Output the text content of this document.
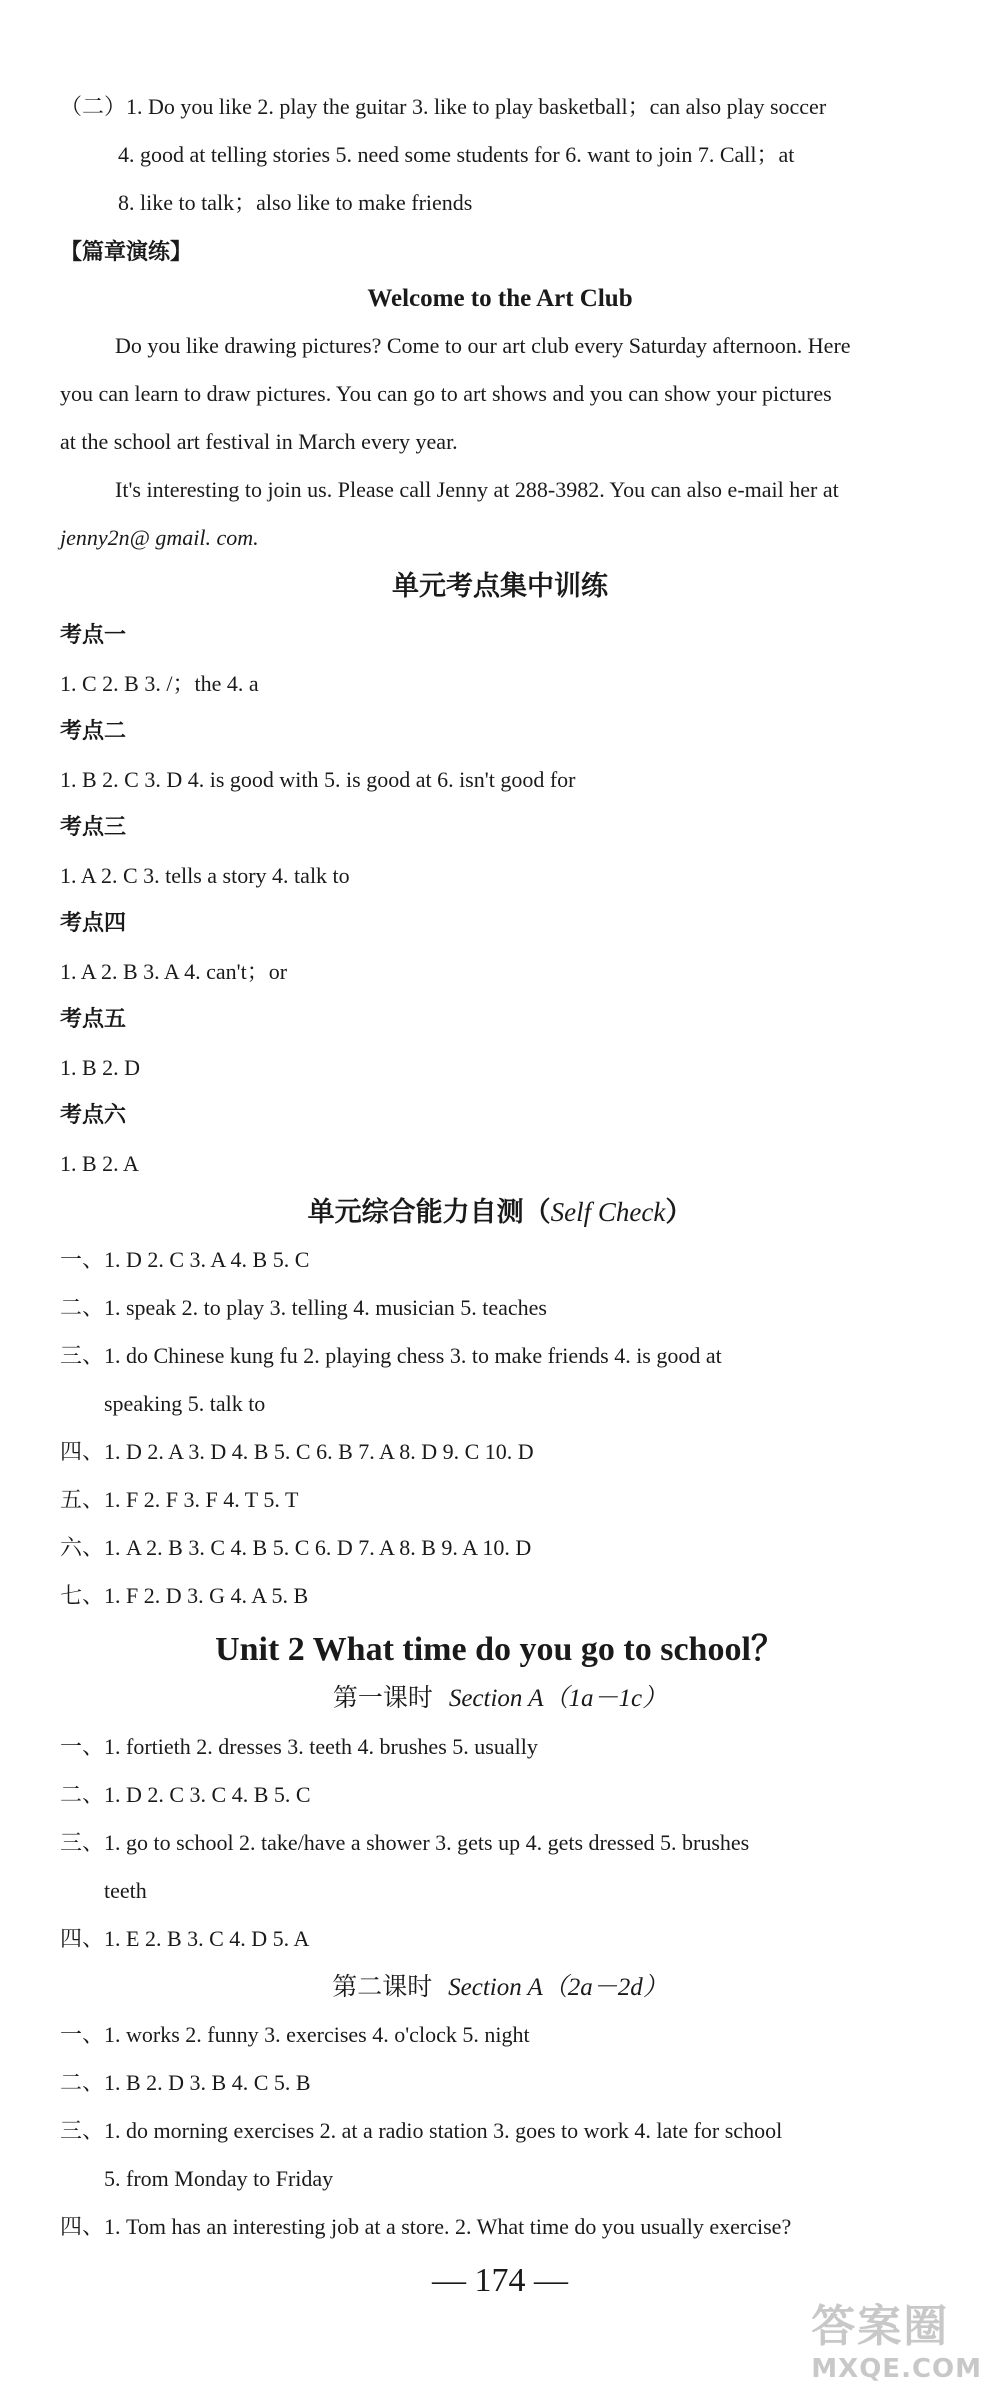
（二）1. Do you like 2. play the guitar 3. like to play basketball；can also play soccer
4. good at telling stories 5. need some students for 6. want to join 7. Call；at
8. like to talk；also like to make friends
【篇章演练】
Welcome to the Art Club
Do you like drawing pictures? Come to our art club every Saturday afternoon. Here
you can learn to draw pictures. You can go to art shows and you can show your pictures
at the school art festival in March every year.
It's interesting to join us. Please call Jenny at 288-3982. You can also e-mail her at
jenny2n@ gmail. com.
单元考点集中训练
考点一
1. C 2. B 3. /；the 4. a
考点二
1. B 2. C 3. D 4. is good with 5. is good at 6. isn't good for
考点三
1. A 2. C 3. tells a story 4. talk to
考点四
1. A 2. B 3. A 4. can't；or
考点五
1. B 2. D
考点六
1. B 2. A
单元综合能力自测（Self Check）
一、1. D 2. C 3. A 4. B 5. C
二、1. speak 2. to play 3. telling 4. musician 5. teaches
三、1. do Chinese kung fu 2. playing chess 3. to make friends 4. is good at
speaking 5. talk to
四、1. D 2. A 3. D 4. B 5. C 6. B 7. A 8. D 9. C 10. D
五、1. F 2. F 3. F 4. T 5. T
六、1. A 2. B 3. C 4. B 5. C 6. D 7. A 8. B 9. A 10. D
七、1. F 2. D 3. G 4. A 5. B
Unit 2 What time do you go to school？
第一课时 Section A（1a－1c）
一、1. fortieth 2. dresses 3. teeth 4. brushes 5. usually
二、1. D 2. C 3. C 4. B 5. C
三、1. go to school 2. take/have a shower 3. gets up 4. gets dressed 5. brushes
teeth
四、1. E 2. B 3. C 4. D 5. A
第二课时 Section A（2a－2d）
一、1. works 2. funny 3. exercises 4. o'clock 5. night
二、1. B 2. D 3. B 4. C 5. B
三、1. do morning exercises 2. at a radio station 3. goes to work 4. late for school
5. from Monday to Friday
四、1. Tom has an interesting job at a store. 2. What time do you usually exercise?
— 174 —
答案圈
MXQE.COM
